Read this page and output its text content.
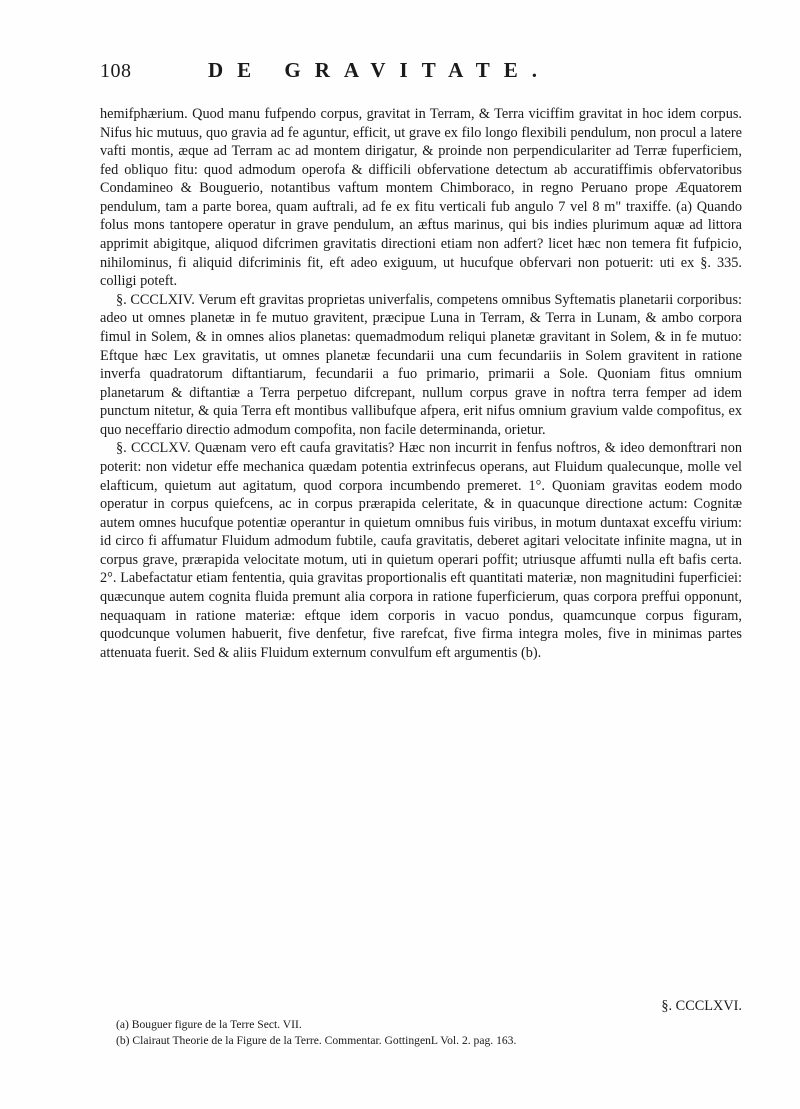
108	DE GRAVITATE.

hemifphærium. Quod manu fufpendo corpus, gravitat in Terram, & Terra viciffim gravitat in hoc idem corpus. Nifus hic mutuus, quo gravia ad fe aguntur, efficit, ut grave ex filo longo flexibili pendulum, non procul a latere vafti montis, æque ad Terram ac ad montem dirigatur, & proinde non perpendiculariter ad Terræ fuperficiem, fed obliquo fitu: quod admodum operofa & difficili obfervatione detectum ab accuratiffimis obfervatoribus Condamineo & Bouguerio, notantibus vaftum montem Chimboraco, in regno Peruano prope Æquatorem pendulum, tam a parte borea, quam auftrali, ad fe ex fitu verticali fub angulo 7 vel 8 m" traxiffe. (a) Quando folus mons tantopere operatur in grave pendulum, an æftus marinus, qui bis indies plurimum aquæ ad littora apprimit abigitque, aliquod difcrimen gravitatis directioni etiam non adfert? licet hæc non temera fit fufpicio, nihilominus, fi aliquid difcriminis fit, eft adeo exiguum, ut hucufque obfervari non potuerit: uti ex §. 335. colligi poteft.

§. CCCLXIV. Verum eft gravitas proprietas univerfalis, competens omnibus Syftematis planetarii corporibus: adeo ut omnes planetæ in fe mutuo gravitent, præcipue Luna in Terram, & Terra in Lunam, & ambo corpora fimul in Solem, & in omnes alios planetas: quemadmodum reliqui planetæ gravitant in Solem, & in fe mutuo: Eftque hæc Lex gravitatis, ut omnes planetæ fecundarii una cum fecundariis in Solem gravitent in ratione inverfa quadratorum diftantiarum, fecundarii a fuo primario, primarii a Sole. Quoniam fitus omnium planetarum & diftantiæ a Terra perpetuo difcrepant, nullum corpus grave in noftra terra femper ad idem punctum nitetur, & quia Terra eft montibus vallibufque afpera, erit nifus omnium gravium valde compofitus, ex quo neceffario directio admodum compofita, non facile determinanda, orietur.

§. CCCLXV. Quænam vero eft caufa gravitatis? Hæc non incurrit in fenfus noftros, & ideo demonftrari non poterit: non videtur effe mechanica quædam potentia extrinfecus operans, aut Fluidum qualecunque, molle vel elafticum, quietum aut agitatum, quod corpora incumbendo premeret. 1°. Quoniam gravitas eodem modo operatur in corpus quiefcens, ac in corpus prærapida celeritate, & in quacunque directione actum: Cognitæ autem omnes hucufque potentiæ operantur in quietum omnibus fuis viribus, in motum duntaxat exceffu virium: id circo fi affumatur Fluidum admodum fubtile, caufa gravitatis, deberet agitari velocitate infinite magna, ut in corpus grave, prærapida velocitate motum, uti in quietum operari poffit; utriusque affumti nulla eft bafis certa. 2°. Labefactatur etiam fententia, quia gravitas proportionalis eft quantitati materiæ, non magnitudini fuperficiei: quæcunque autem cognita fluida premunt alia corpora in ratione fuperficierum, quas corpora preffui opponunt, nequaquam in ratione materiæ: eftque idem corporis in vacuo pondus, quamcunque corpus figuram, quodcunque volumen habuerit, five denfetur, five rarefcat, five firma integra moles, five in minimas partes attenuata fuerit. Sed & aliis Fluidum externum convulfum eft argumentis (b).

§. CCCLXVI.
(a) Bouguer figure de la Terre Sect. VII.
(b) Clairaut Theorie de la Figure de la Terre. Commentar. GottingenL Vol. 2. pag. 163.
